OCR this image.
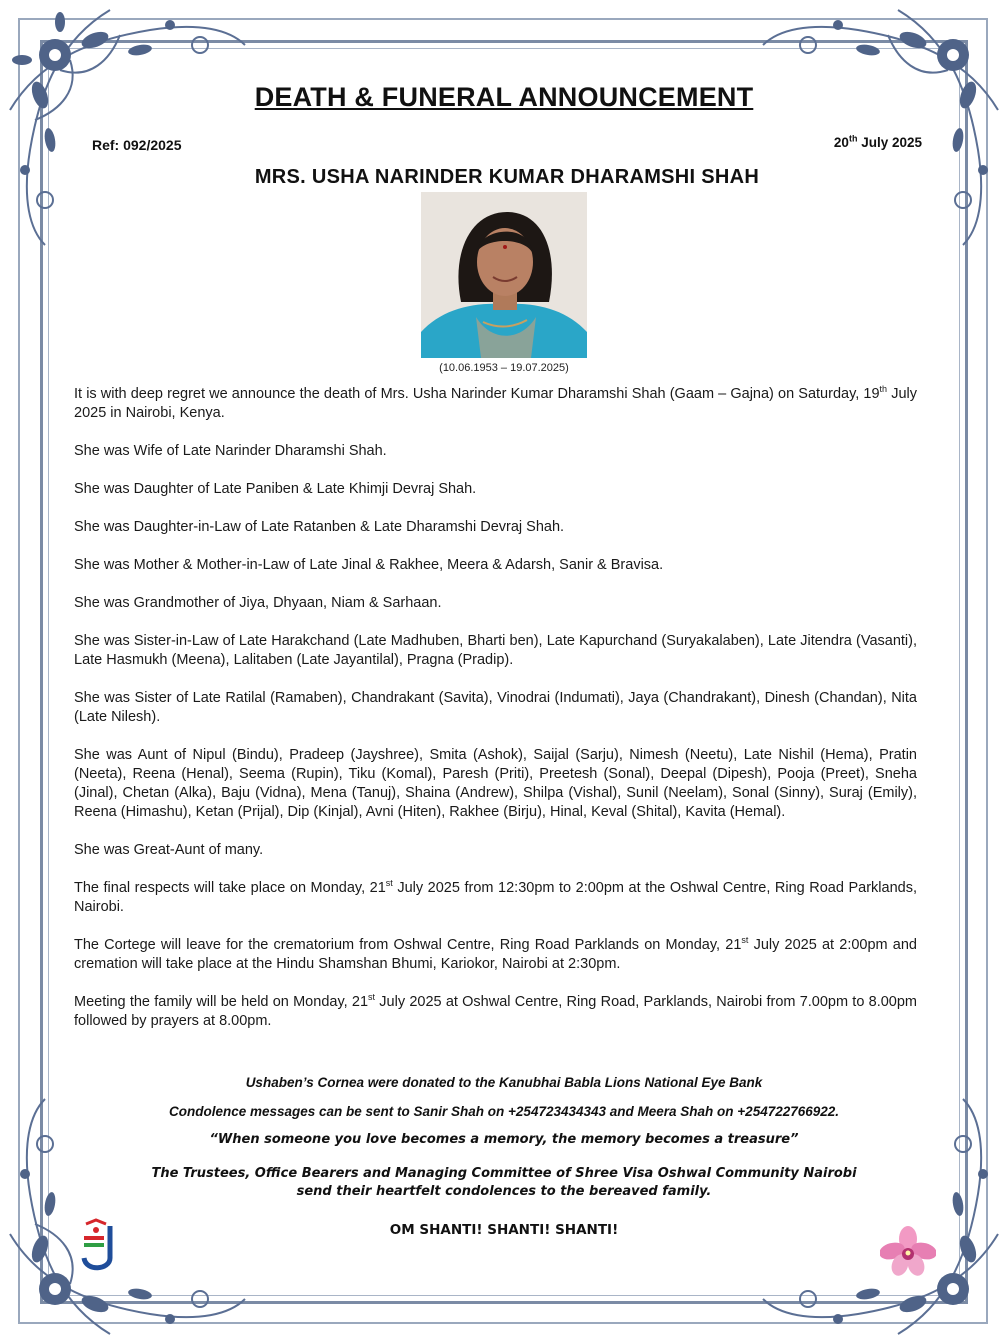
DEATH & FUNERAL ANNOUNCEMENT
Ref: 092/2025	20th July 2025
MRS. USHA NARINDER KUMAR DHARAMSHI SHAH
(10.06.1953 – 19.07.2025)

It is with deep regret we announce the death of Mrs. Usha Narinder Kumar Dharamshi Shah (Gaam – Gajna) on Saturday, 19th July 2025 in Nairobi, Kenya.

She was Wife of Late Narinder Dharamshi Shah.

She was Daughter of Late Paniben & Late Khimji Devraj Shah.

She was Daughter-in-Law of Late Ratanben & Late Dharamshi Devraj Shah.

She was Mother & Mother-in-Law of Late Jinal & Rakhee, Meera & Adarsh, Sanir & Bravisa.

She was Grandmother of Jiya, Dhyaan, Niam & Sarhaan.

She was Sister-in-Law of Late Harakchand (Late Madhuben, Bharti ben), Late Kapurchand (Suryakalaben), Late Jitendra (Vasanti), Late Hasmukh (Meena), Lalitaben (Late Jayantilal), Pragna (Pradip).

She was Sister of Late Ratilal (Ramaben), Chandrakant (Savita), Vinodrai (Indumati), Jaya (Chandrakant), Dinesh (Chandan), Nita (Late Nilesh).

She was Aunt of Nipul (Bindu), Pradeep (Jayshree), Smita (Ashok), Saijal (Sarju), Nimesh (Neetu), Late Nishil (Hema), Pratin (Neeta), Reena (Henal), Seema (Rupin), Tiku (Komal), Paresh (Priti), Preetesh (Sonal), Deepal (Dipesh), Pooja (Preet), Sneha (Jinal), Chetan (Alka), Baju (Vidna), Mena (Tanuj), Shaina (Andrew), Shilpa (Vishal), Sunil (Neelam), Sonal (Sinny), Suraj (Emily), Reena (Himashu), Ketan (Prijal), Dip (Kinjal), Avni (Hiten), Rakhee (Birju), Hinal, Keval (Shital), Kavita (Hemal).

She was Great-Aunt of many.

The final respects will take place on Monday, 21st July 2025 from 12:30pm to 2:00pm at the Oshwal Centre, Ring Road Parklands, Nairobi.

The Cortege will leave for the crematorium from Oshwal Centre, Ring Road Parklands on Monday, 21st July 2025 at 2:00pm and cremation will take place at the Hindu Shamshan Bhumi, Kariokor, Nairobi at 2:30pm.

Meeting the family will be held on Monday, 21st July 2025 at Oshwal Centre, Ring Road, Parklands, Nairobi from 7.00pm to 8.00pm followed by prayers at 8.00pm.

Ushaben’s Cornea were donated to the Kanubhai Babla Lions National Eye Bank
Condolence messages can be sent to Sanir Shah on +254723434343 and Meera Shah on +254722766922.
“When someone you love becomes a memory, the memory becomes a treasure”
The Trustees, Office Bearers and Managing Committee of Shree Visa Oshwal Community Nairobi
send their heartfelt condolences to the bereaved family.
OM SHANTI! SHANTI! SHANTI!
